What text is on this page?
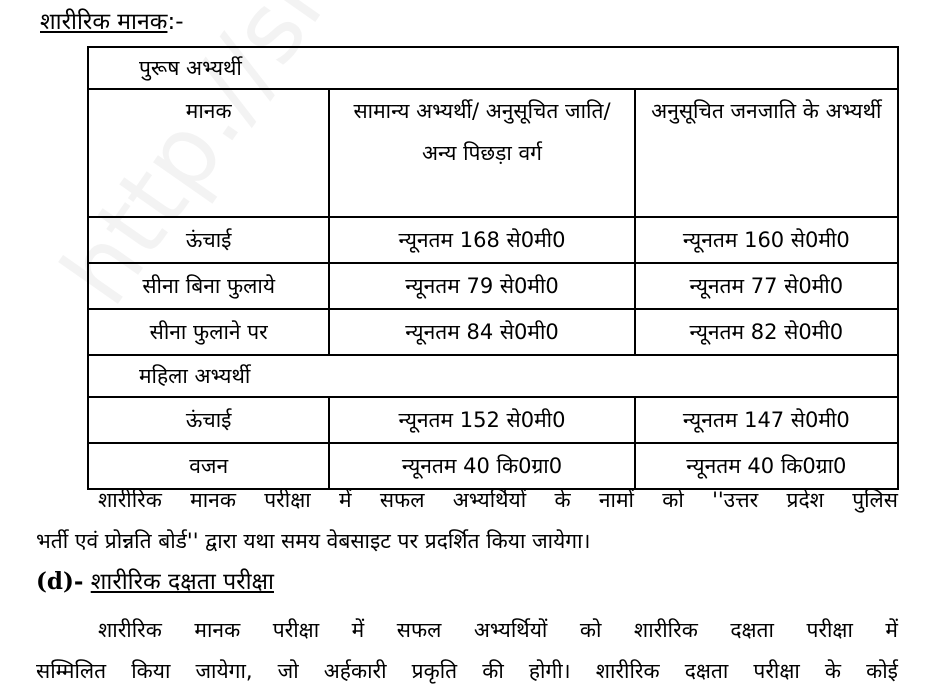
शारीरिक मानक:-
पुरूष अभ्यर्थी		
मानक	सामान्य अभ्यर्थी/ अनुसूचित जाति/ अन्य पिछड़ा वर्ग	अनुसूचित जनजाति के अभ्यर्थी
ऊंचाई	न्यूनतम 168 से0मी0	न्यूनतम 160 से0मी0
सीना बिना फुलाये	न्यूनतम 79 से0मी0	न्यूनतम 77 से0मी0
सीना फुलाने पर	न्यूनतम 84 से0मी0	न्यूनतम 82 से0मी0
महिला अभ्यर्थी		
ऊंचाई	न्यूनतम 152 से0मी0	न्यूनतम 147 से0मी0
वजन	न्यूनतम 40 कि0ग्रा0	न्यूनतम 40 कि0ग्रा0
शारीरिक मानक परीक्षा में सफल अभ्यर्थियों के नामों को ''उत्तर प्रदेश पुलिस
भर्ती एवं प्रोन्नति बोर्ड'' द्वारा यथा समय वेबसाइट पर प्रदर्शित किया जायेगा।
(d)- शारीरिक दक्षता परीक्षा
शारीरिक मानक परीक्षा में सफल अभ्यर्थियों को शारीरिक दक्षता परीक्षा में
सम्मिलित किया जायेगा, जो अर्हकारी प्रकृति की होगी। शारीरिक दक्षता परीक्षा के कोई
